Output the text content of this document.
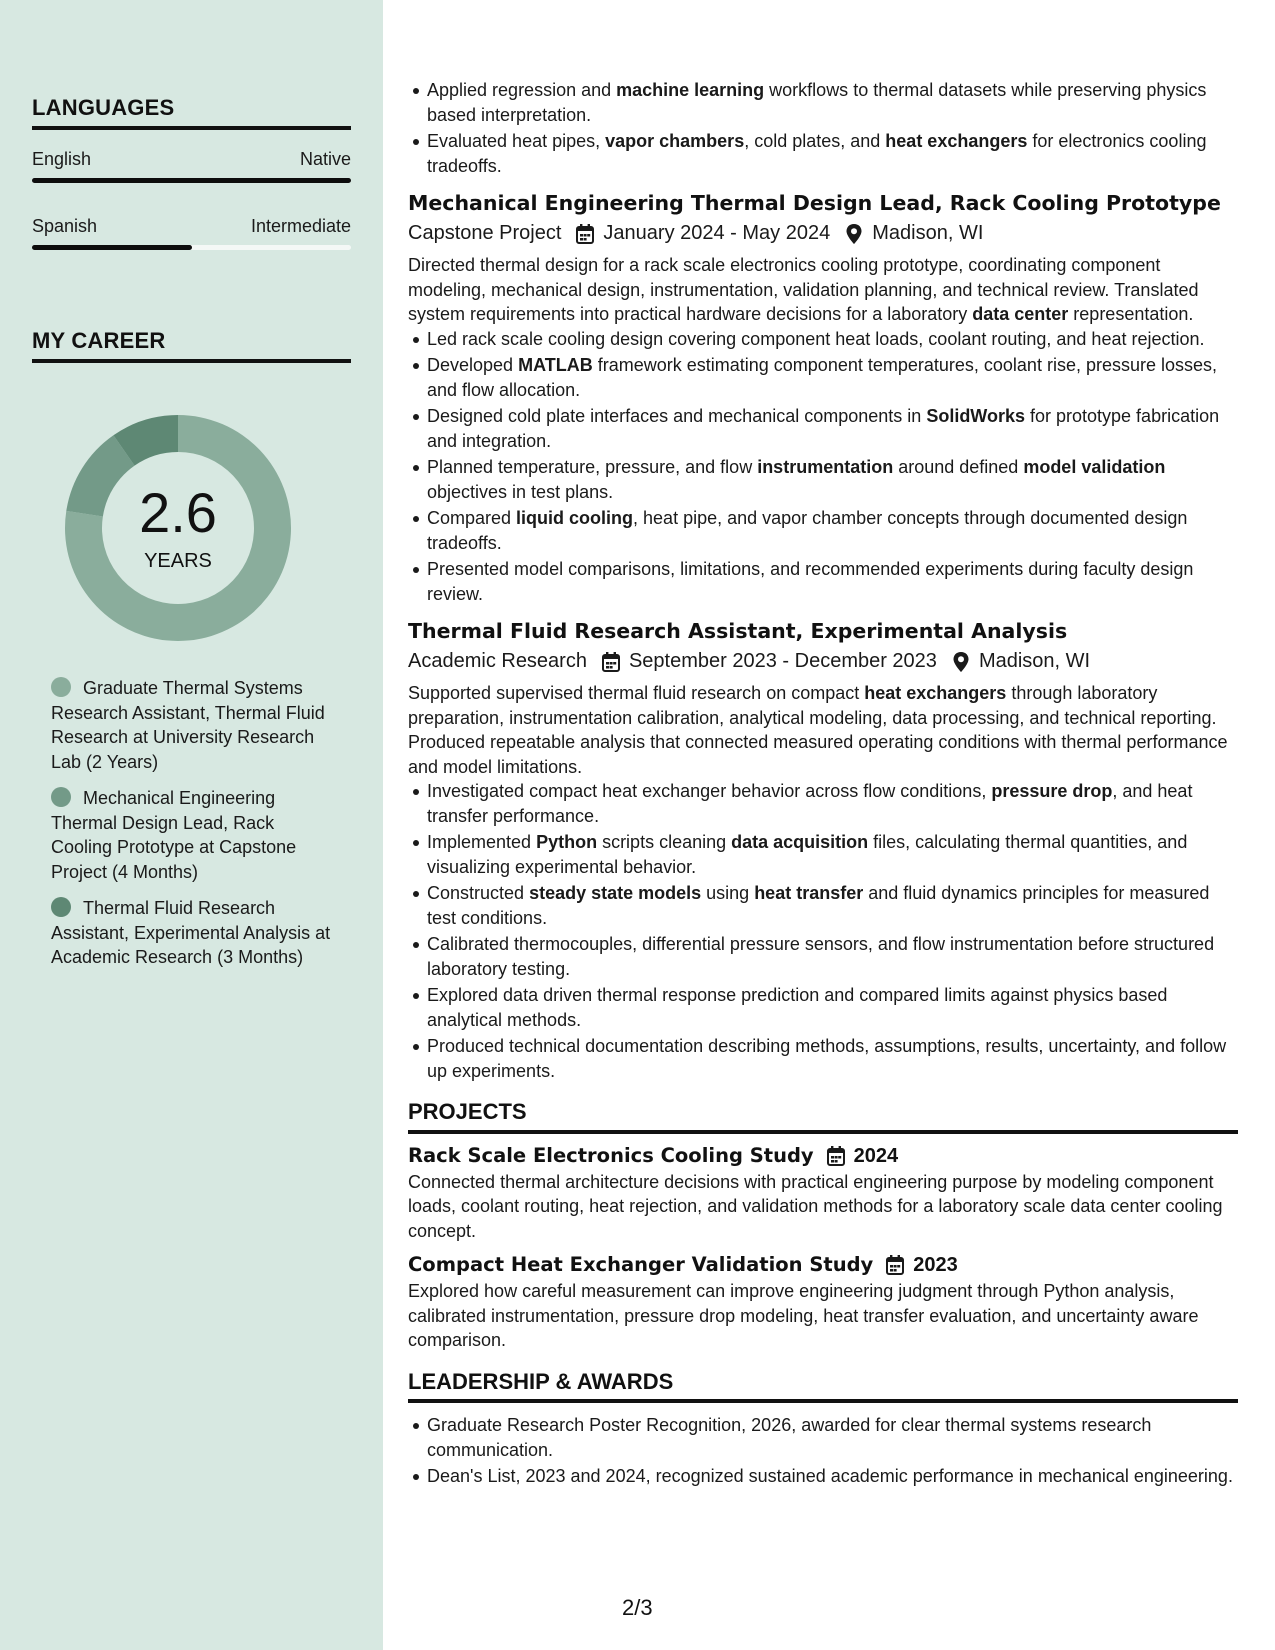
LANGUAGES
English	Native
Spanish	Intermediate
MY CAREER
2.6
YEARS
Graduate Thermal Systems Research Assistant, Thermal Fluid Research at University Research Lab (2 Years)
Mechanical Engineering Thermal Design Lead, Rack Cooling Prototype at Capstone Project (4 Months)
Thermal Fluid Research Assistant, Experimental Analysis at Academic Research (3 Months)
Applied regression and machine learning workflows to thermal datasets while preserving physics based interpretation.
Evaluated heat pipes, vapor chambers, cold plates, and heat exchangers for electronics cooling tradeoffs.
Mechanical Engineering Thermal Design Lead, Rack Cooling Prototype
Capstone Project January 2024 - May 2024 Madison, WI
Directed thermal design for a rack scale electronics cooling prototype, coordinating component modeling, mechanical design, instrumentation, validation planning, and technical review. Translated system requirements into practical hardware decisions for a laboratory data center representation.
Led rack scale cooling design covering component heat loads, coolant routing, and heat rejection.
Developed MATLAB framework estimating component temperatures, coolant rise, pressure losses, and flow allocation.
Designed cold plate interfaces and mechanical components in SolidWorks for prototype fabrication and integration.
Planned temperature, pressure, and flow instrumentation around defined model validation objectives in test plans.
Compared liquid cooling, heat pipe, and vapor chamber concepts through documented design tradeoffs.
Presented model comparisons, limitations, and recommended experiments during faculty design review.
Thermal Fluid Research Assistant, Experimental Analysis
Academic Research September 2023 - December 2023 Madison, WI
Supported supervised thermal fluid research on compact heat exchangers through laboratory preparation, instrumentation calibration, analytical modeling, data processing, and technical reporting. Produced repeatable analysis that connected measured operating conditions with thermal performance and model limitations.
Investigated compact heat exchanger behavior across flow conditions, pressure drop, and heat transfer performance.
Implemented Python scripts cleaning data acquisition files, calculating thermal quantities, and visualizing experimental behavior.
Constructed steady state models using heat transfer and fluid dynamics principles for measured test conditions.
Calibrated thermocouples, differential pressure sensors, and flow instrumentation before structured laboratory testing.
Explored data driven thermal response prediction and compared limits against physics based analytical methods.
Produced technical documentation describing methods, assumptions, results, uncertainty, and follow up experiments.
PROJECTS
Rack Scale Electronics Cooling Study 2024
Connected thermal architecture decisions with practical engineering purpose by modeling component loads, coolant routing, heat rejection, and validation methods for a laboratory scale data center cooling concept.
Compact Heat Exchanger Validation Study 2023
Explored how careful measurement can improve engineering judgment through Python analysis, calibrated instrumentation, pressure drop modeling, heat transfer evaluation, and uncertainty aware comparison.
LEADERSHIP & AWARDS
Graduate Research Poster Recognition, 2026, awarded for clear thermal systems research communication.
Dean's List, 2023 and 2024, recognized sustained academic performance in mechanical engineering.
2/3
